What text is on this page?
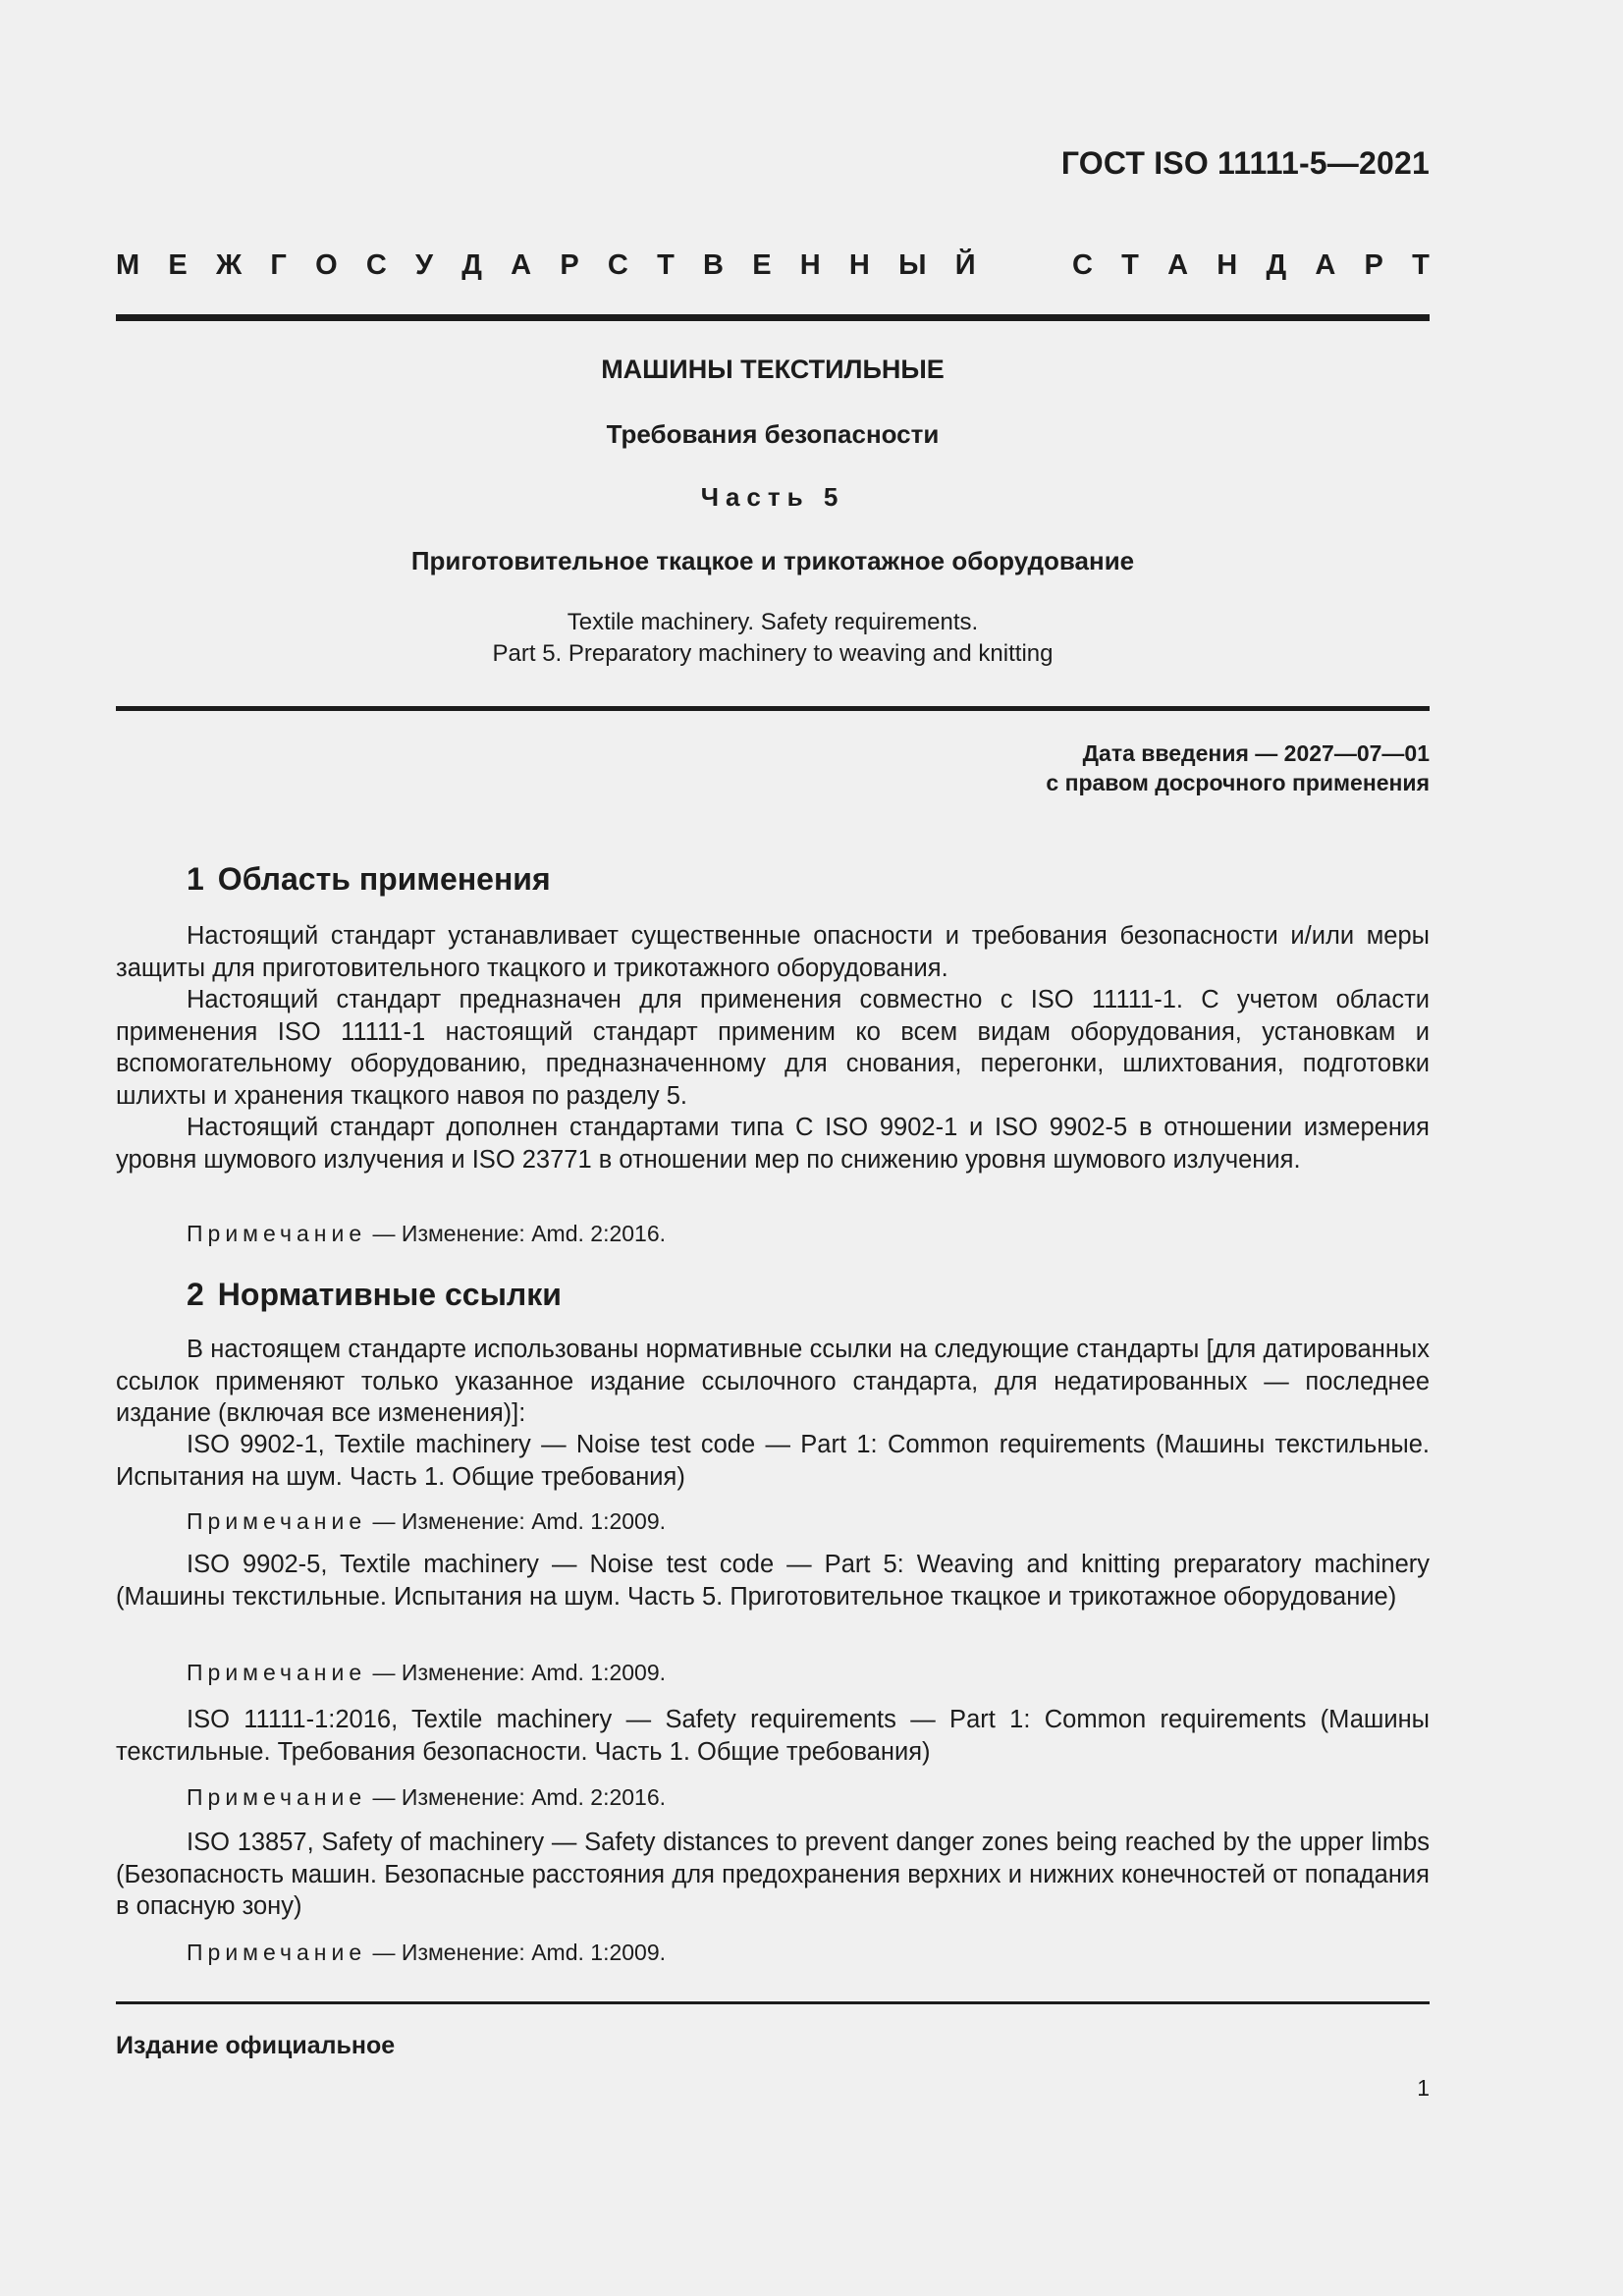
ГОСТ ISO 11111-5—2021
М Е Ж Г О С У Д А Р С Т В Е Н Н Ы Й	С Т А Н Д А Р Т
МАШИНЫ ТЕКСТИЛЬНЫЕ
Требования безопасности
Часть 5
Приготовительное ткацкое и трикотажное оборудование
Textile machinery. Safety requirements.
Part 5. Preparatory machinery to weaving and knitting
Дата введения — 2027—07—01
с правом досрочного применения
1 Область применения
Настоящий стандарт устанавливает существенные опасности и требования безопасности и/или меры защиты для приготовительного ткацкого и трикотажного оборудования.
Настоящий стандарт предназначен для применения совместно с ISO 11111-1. С учетом области применения ISO 11111-1 настоящий стандарт применим ко всем видам оборудования, установкам и вспомогательному оборудованию, предназначенному для снования, перегонки, шлихтования, подготовки шлихты и хранения ткацкого навоя по разделу 5.
Настоящий стандарт дополнен стандартами типа С ISO 9902-1 и ISO 9902-5 в отношении измерения уровня шумового излучения и ISO 23771 в отношении мер по снижению уровня шумового излучения.
Примечание — Изменение: Amd. 2:2016.
2 Нормативные ссылки
В настоящем стандарте использованы нормативные ссылки на следующие стандарты [для датированных ссылок применяют только указанное издание ссылочного стандарта, для недатированных — последнее издание (включая все изменения)]:
ISO 9902-1, Textile machinery — Noise test code — Part 1: Common requirements (Машины текстильные. Испытания на шум. Часть 1. Общие требования)
Примечание — Изменение: Amd. 1:2009.
ISO 9902-5, Textile machinery — Noise test code — Part 5: Weaving and knitting preparatory machinery (Машины текстильные. Испытания на шум. Часть 5. Приготовительное ткацкое и трикотажное оборудование)
Примечание — Изменение: Amd. 1:2009.
ISO 11111-1:2016, Textile machinery — Safety requirements — Part 1: Common requirements (Машины текстильные. Требования безопасности. Часть 1. Общие требования)
Примечание — Изменение: Amd. 2:2016.
ISO 13857, Safety of machinery — Safety distances to prevent danger zones being reached by the upper limbs (Безопасность машин. Безопасные расстояния для предохранения верхних и нижних конечностей от попадания в опасную зону)
Примечание — Изменение: Amd. 1:2009.
Издание официальное
1
